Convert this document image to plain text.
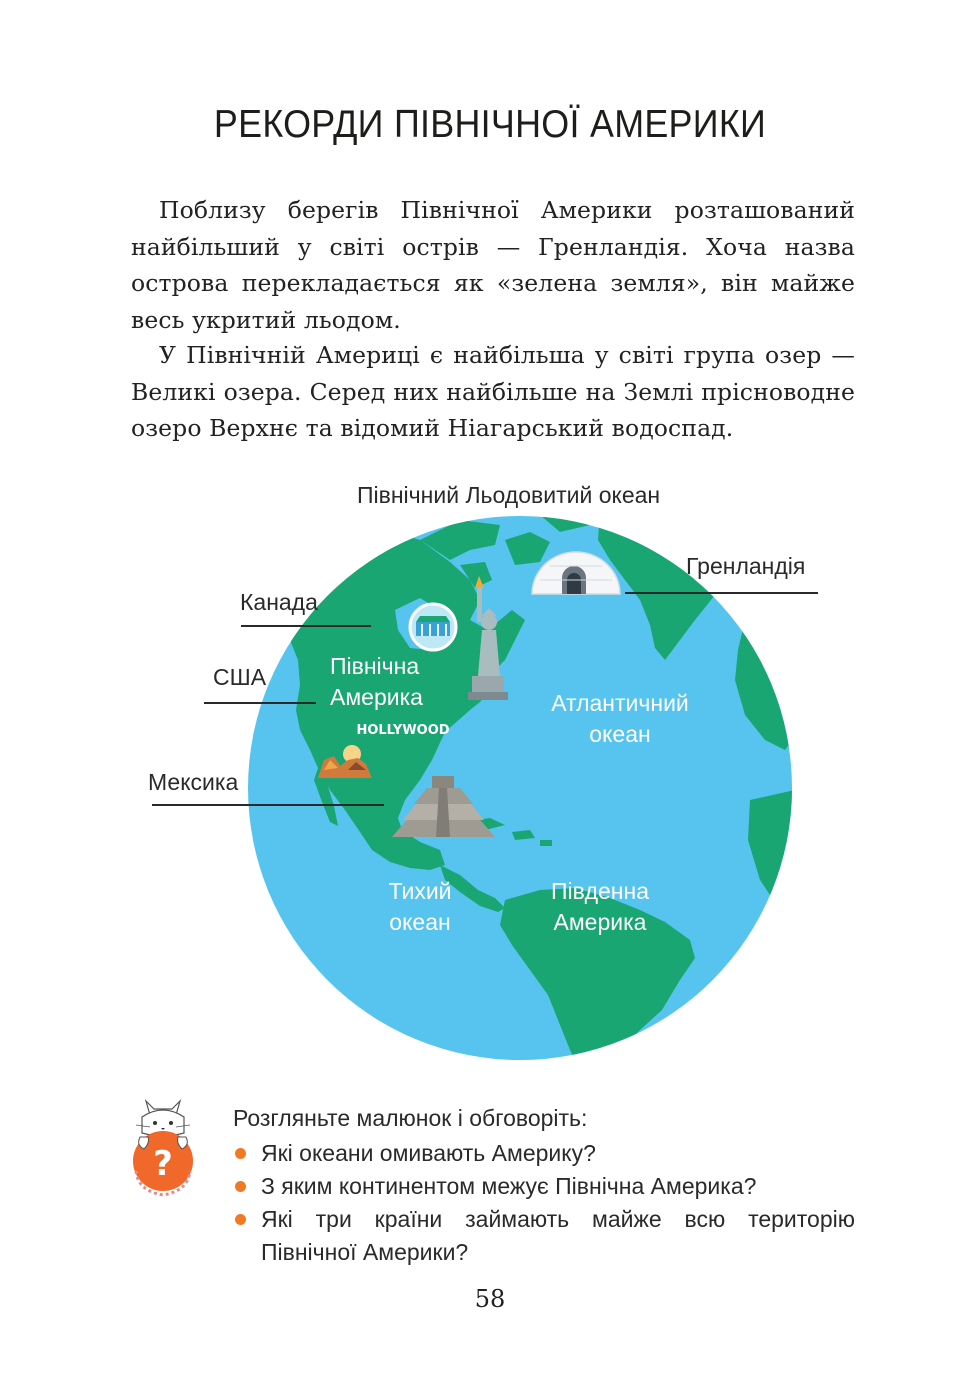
РЕКОРДИ ПІВНІЧНОЇ АМЕРИКИ

Поблизу берегів Північної Америки розташований найбільший у світі острів — Гренландія. Хоча назва острова перекладається як «зелена земля», він майже весь укритий льодом.

У Північній Америці є найбільша у світі група озер — Великі озера. Серед них найбільше на Землі прісноводне озеро Верхнє та відомий Ніагарський водоспад.

HOLLYWOOD
Північний Льодовитий океан
Гренландія
Канада
США
Мексика
Північна
Америка	Атлантичний
океан
Тихий
океан
Південна
Америка
?
Розгляньте малюнок і обговоріть:
Які океани омивають Америку?
З яким континентом межує Північна Америка?
Які три країни займають майже всю територію Північної Америки?
58
